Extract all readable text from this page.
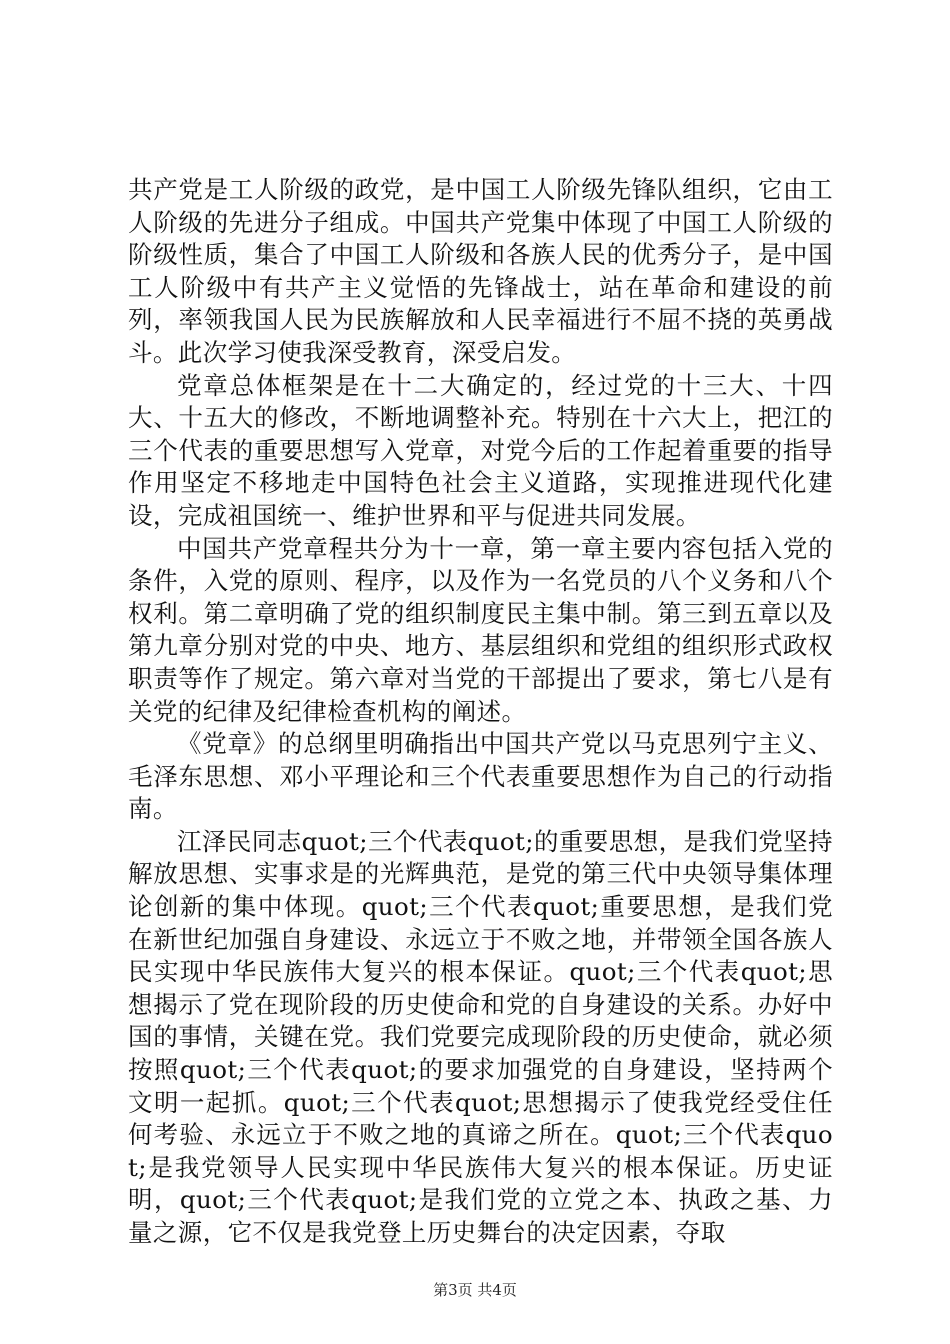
共产党是工人阶级的政党，是中国工人阶级先锋队组织，它由工人阶级的先进分子组成。中国共产党集中体现了中国工人阶级的阶级性质，集合了中国工人阶级和各族人民的优秀分子，是中国工人阶级中有共产主义觉悟的先锋战士，站在革命和建设的前列，率领我国人民为民族解放和人民幸福进行不屈不挠的英勇战斗。此次学习使我深受教育，深受启发。

党章总体框架是在十二大确定的，经过党的十三大、十四大、十五大的修改，不断地调整补充。特别在十六大上，把江的三个代表的重要思想写入党章，对党今后的工作起着重要的指导作用坚定不移地走中国特色社会主义道路，实现推进现代化建设，完成祖国统一、维护世界和平与促进共同发展。

中国共产党章程共分为十一章，第一章主要内容包括入党的条件，入党的原则、程序，以及作为一名党员的八个义务和八个权利。第二章明确了党的组织制度民主集中制。第三到五章以及第九章分别对党的中央、地方、基层组织和党组的组织形式政权职责等作了规定。第六章对当党的干部提出了要求，第七八是有关党的纪律及纪律检查机构的阐述。

《党章》的总纲里明确指出中国共产党以马克思列宁主义、毛泽东思想、邓小平理论和三个代表重要思想作为自己的行动指南。

江泽民同志quot;三个代表quot;的重要思想，是我们党坚持解放思想、实事求是的光辉典范，是党的第三代中央领导集体理论创新的集中体现。quot;三个代表quot;重要思想，是我们党在新世纪加强自身建设、永远立于不败之地，并带领全国各族人民实现中华民族伟大复兴的根本保证。quot;三个代表quot;思想揭示了党在现阶段的历史使命和党的自身建设的关系。办好中国的事情，关键在党。我们党要完成现阶段的历史使命，就必须按照quot;三个代表quot;的要求加强党的自身建设，坚持两个文明一起抓。quot;三个代表quot;思想揭示了使我党经受住任何考验、永远立于不败之地的真谛之所在。quot;三个代表quot;是我党领导人民实现中华民族伟大复兴的根本保证。历史证明，quot;三个代表quot;是我们党的立党之本、执政之基、力量之源，它不仅是我党登上历史舞台的决定因素，夺取

第3页 共4页
